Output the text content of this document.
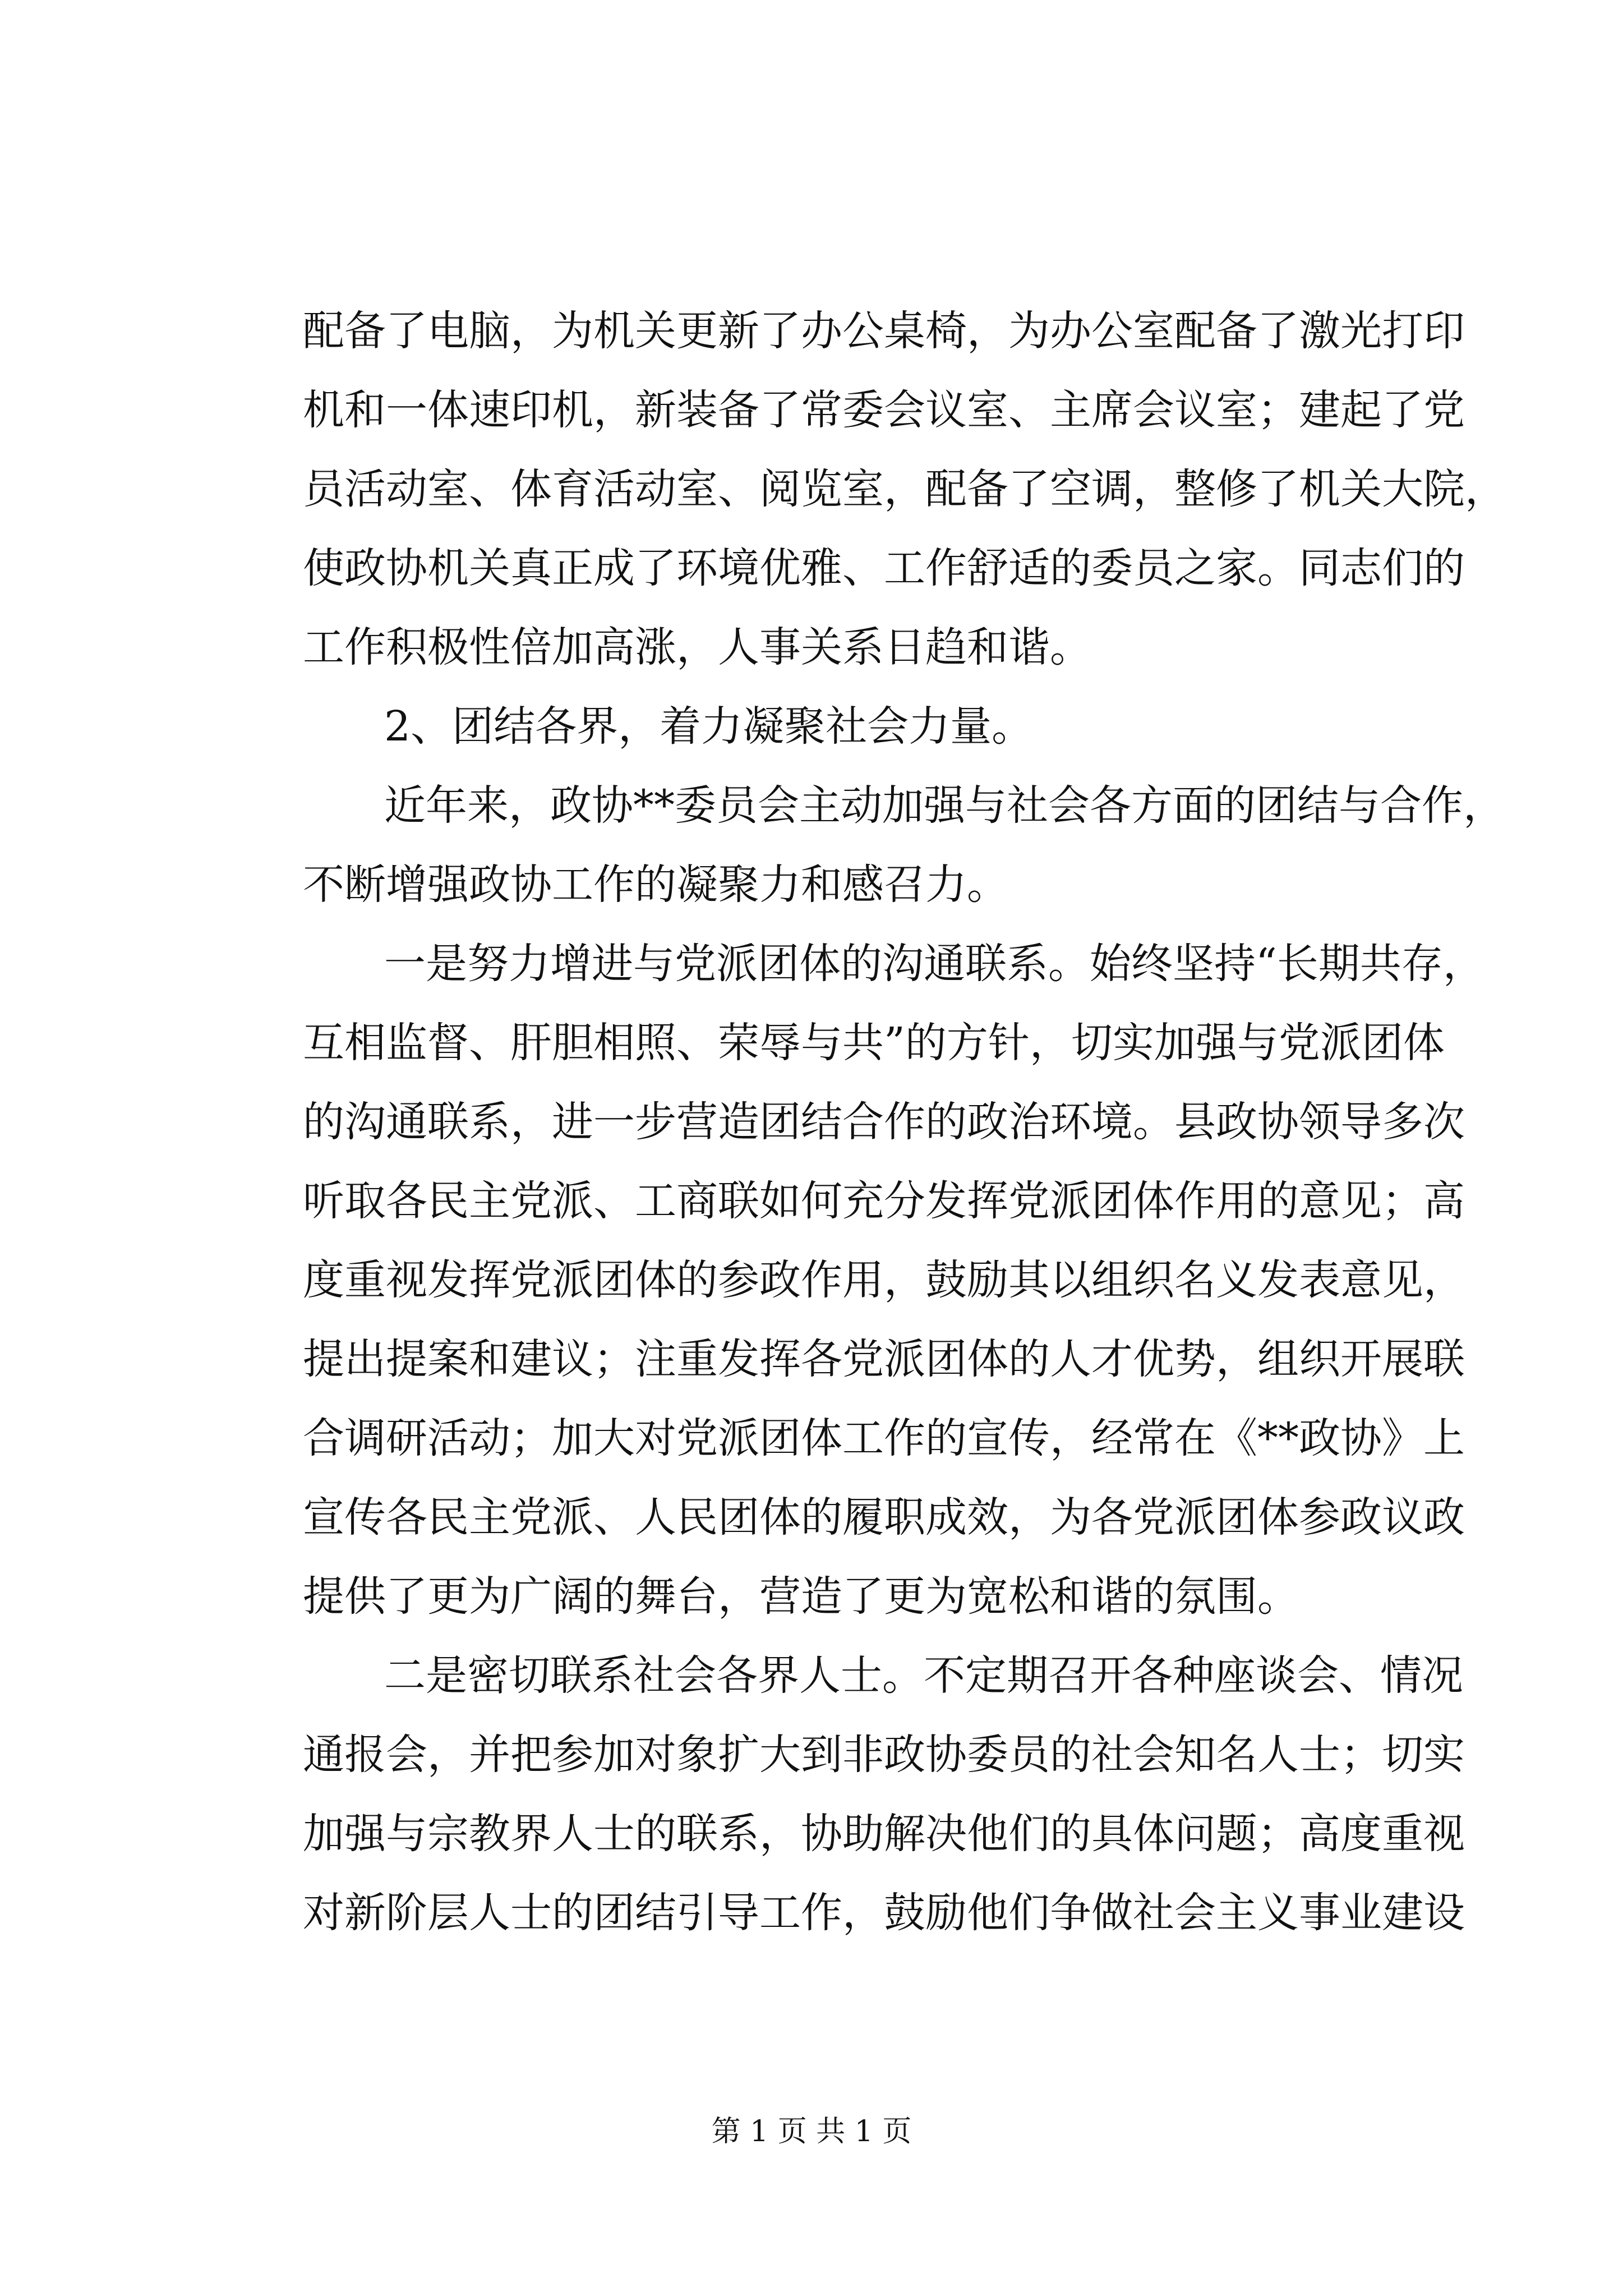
配备了电脑，为机关更新了办公桌椅，为办公室配备了激光打印
机和一体速印机，新装备了常委会议室、主席会议室；建起了党
员活动室、体育活动室、阅览室，配备了空调，整修了机关大院，
使政协机关真正成了环境优雅、工作舒适的委员之家。同志们的
工作积极性倍加高涨，人事关系日趋和谐。
2、团结各界，着力凝聚社会力量。
近年来，政协**委员会主动加强与社会各方面的团结与合作，
不断增强政协工作的凝聚力和感召力。
一是努力增进与党派团体的沟通联系。始终坚持“长期共存，
互相监督、肝胆相照、荣辱与共”的方针，切实加强与党派团体
的沟通联系，进一步营造团结合作的政治环境。县政协领导多次
听取各民主党派、工商联如何充分发挥党派团体作用的意见；高
度重视发挥党派团体的参政作用，鼓励其以组织名义发表意见，
提出提案和建议；注重发挥各党派团体的人才优势，组织开展联
合调研活动；加大对党派团体工作的宣传，经常在《**政协》上
宣传各民主党派、人民团体的履职成效，为各党派团体参政议政
提供了更为广阔的舞台，营造了更为宽松和谐的氛围。
二是密切联系社会各界人士。不定期召开各种座谈会、情况
通报会，并把参加对象扩大到非政协委员的社会知名人士；切实
加强与宗教界人士的联系，协助解决他们的具体问题；高度重视
对新阶层人士的团结引导工作，鼓励他们争做社会主义事业建设
第 1 页 共 1 页
